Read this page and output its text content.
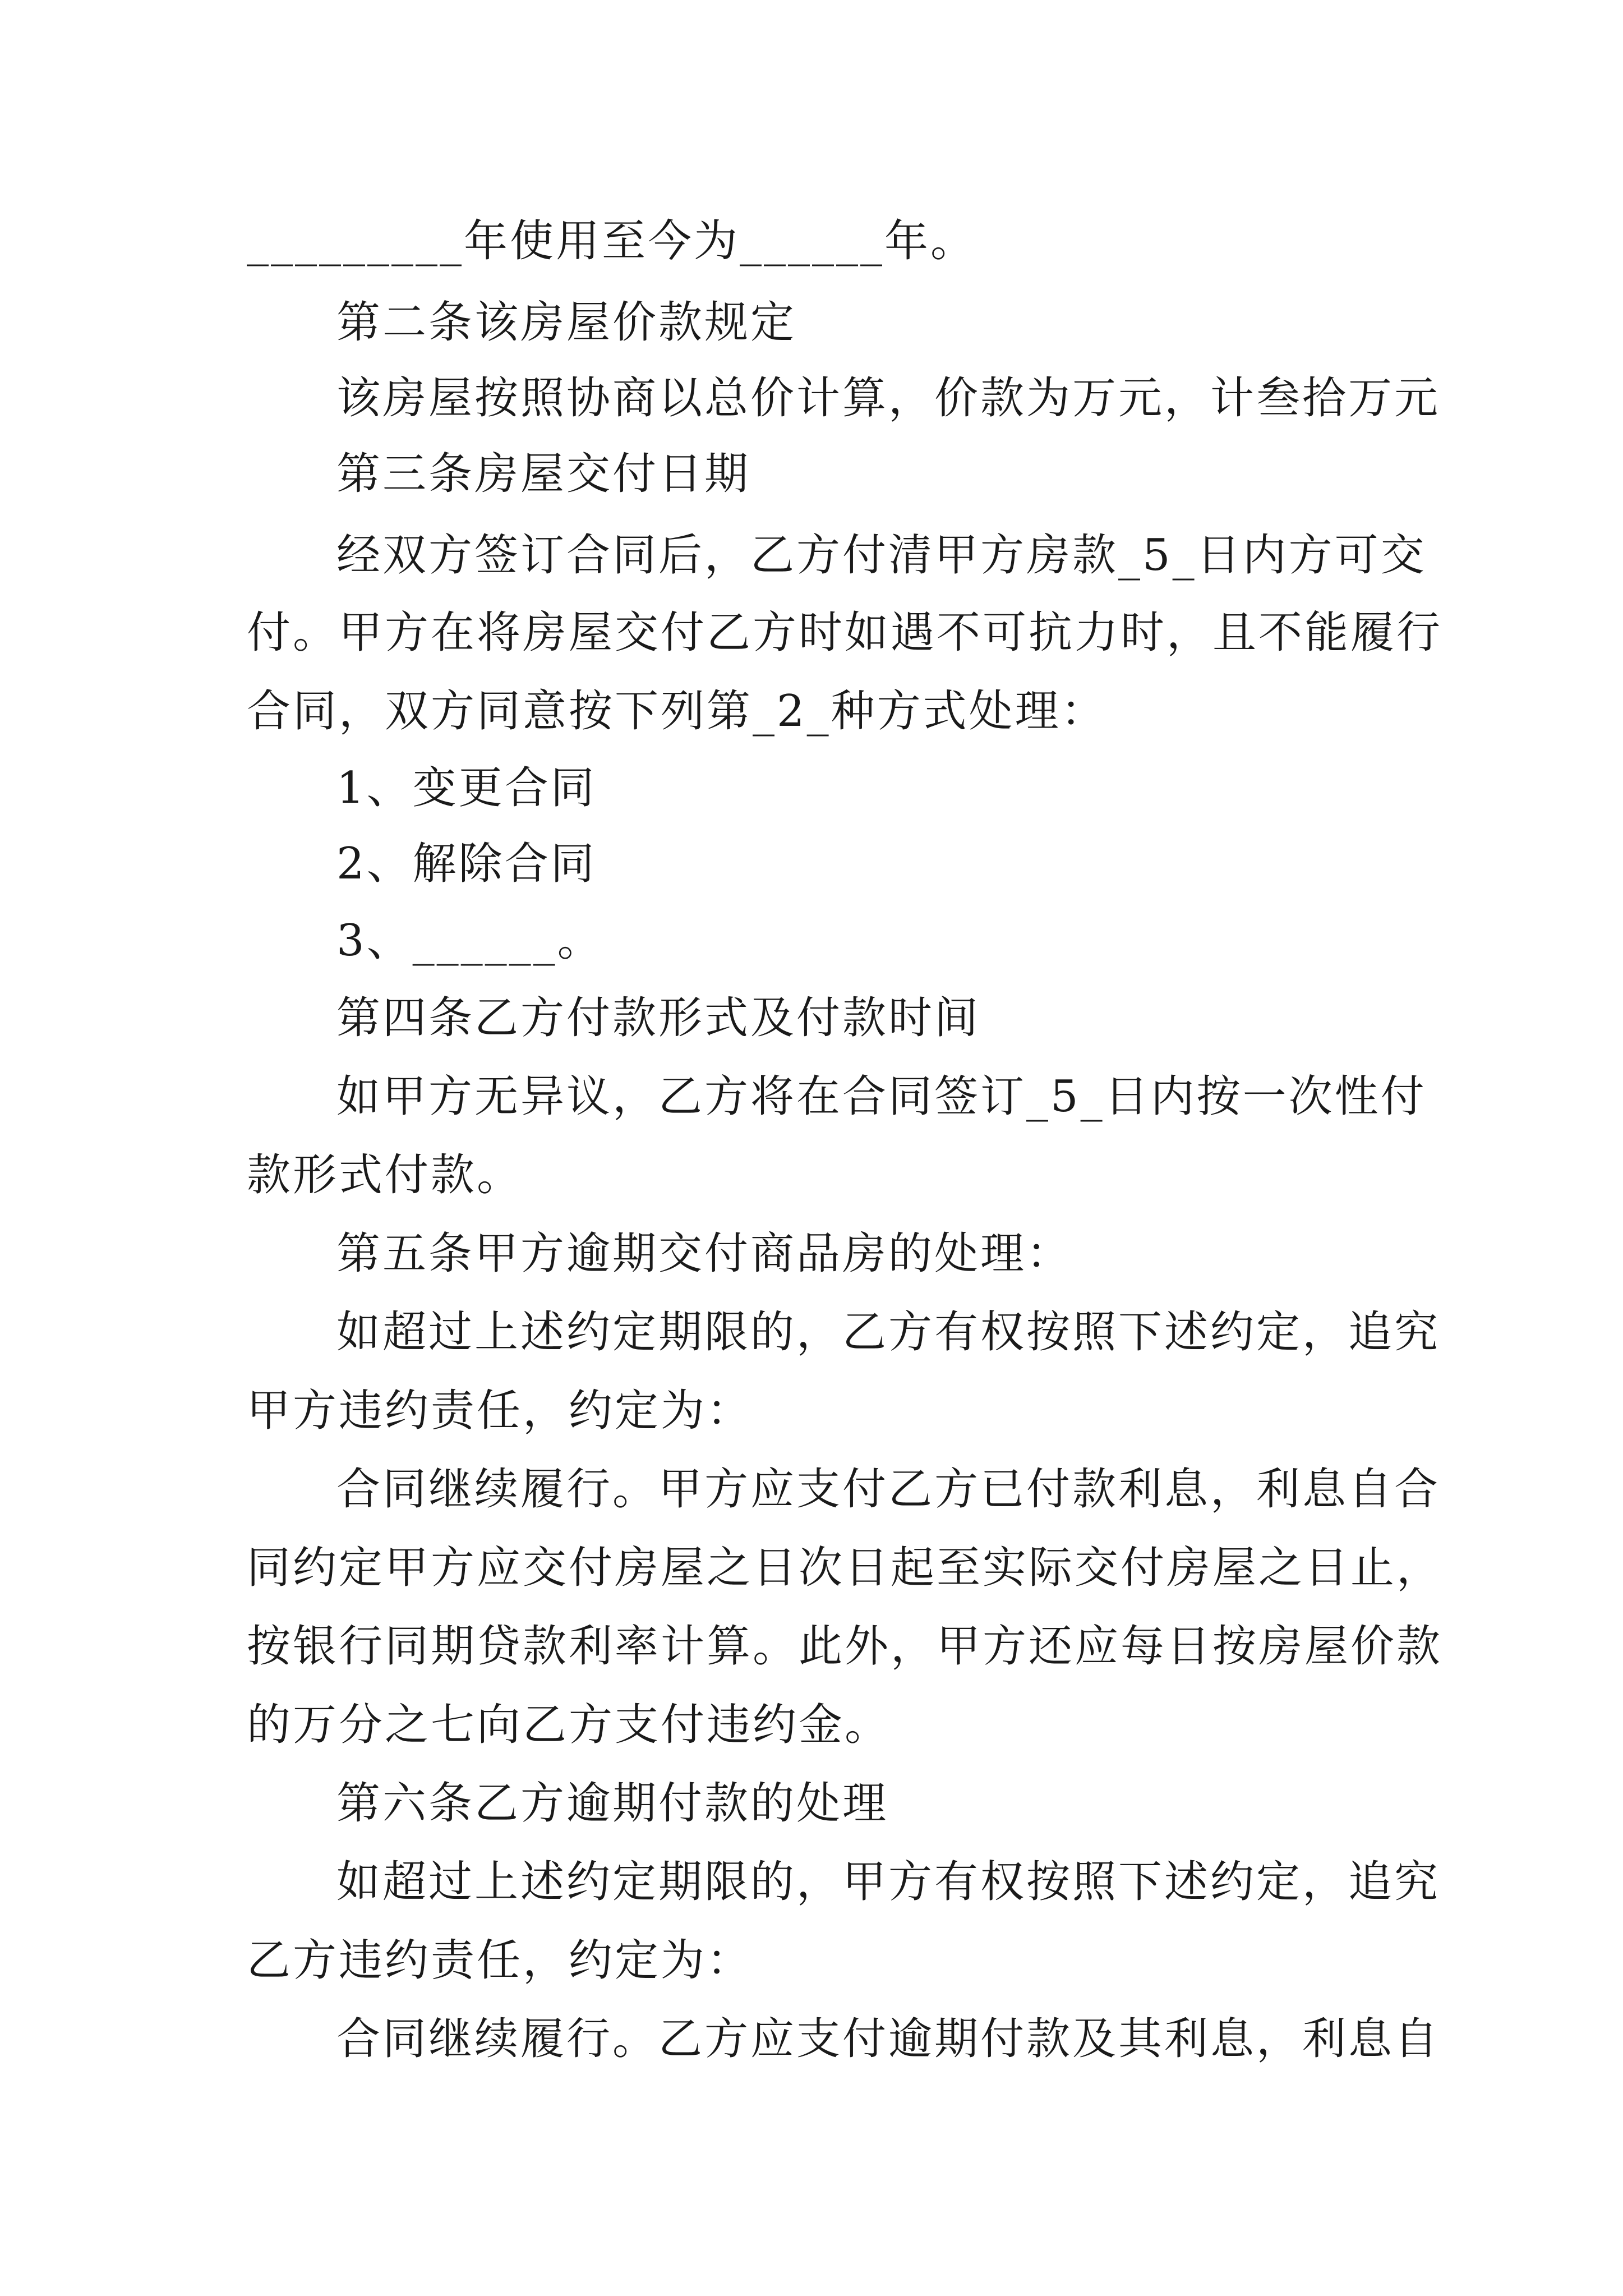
_________年使用至今为______年。
第二条该房屋价款规定
该房屋按照协商以总价计算，价款为万元，计叁拾万元
第三条房屋交付日期
经双方签订合同后，乙方付清甲方房款_5_日内方可交
付。甲方在将房屋交付乙方时如遇不可抗力时，且不能履行
合同，双方同意按下列第_2_种方式处理：
1、变更合同
2、解除合同
3、______。
第四条乙方付款形式及付款时间
如甲方无异议，乙方将在合同签订_5_日内按一次性付
款形式付款。
第五条甲方逾期交付商品房的处理：
如超过上述约定期限的，乙方有权按照下述约定，追究
甲方违约责任，约定为：
合同继续履行。甲方应支付乙方已付款利息，利息自合
同约定甲方应交付房屋之日次日起至实际交付房屋之日止，
按银行同期贷款利率计算。此外，甲方还应每日按房屋价款
的万分之七向乙方支付违约金。
第六条乙方逾期付款的处理
如超过上述约定期限的，甲方有权按照下述约定，追究
乙方违约责任，约定为：
合同继续履行。乙方应支付逾期付款及其利息，利息自
